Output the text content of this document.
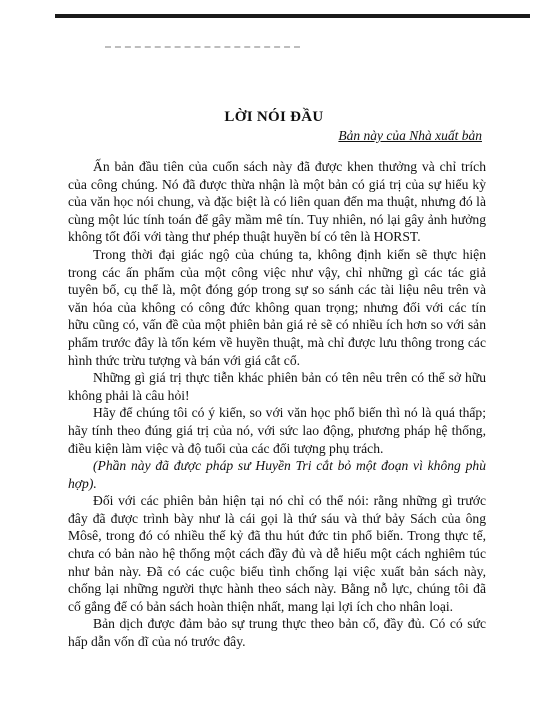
LỜI NÓI ĐẦU
Bản này của Nhà xuất bản

Ấn bản đầu tiên của cuốn sách này đã được khen thưởng và chỉ trích của công chúng. Nó đã được thừa nhận là một bản có giá trị của sự hiếu kỳ của văn học nói chung, và đặc biệt là có liên quan đến ma thuật, nhưng đó là cùng một lúc tính toán để gây mầm mê tín. Tuy nhiên, nó lại gây ảnh hưởng không tốt đối với tàng thư phép thuật huyền bí có tên là HORST.

Trong thời đại giác ngộ của chúng ta, không định kiến sẽ thực hiện trong các ấn phẩm của một công việc như vậy, chỉ những gì các tác giả tuyên bố, cụ thể là, một đóng góp trong sự so sánh các tài liệu nêu trên và văn hóa của không có công đức không quan trọng; nhưng đối với các tín hữu cũng có, vấn đề của một phiên bản giá rẻ sẽ có nhiều ích hơn so với sản phẩm trước đây là tốn kém về huyền thuật, mà chỉ được lưu thông trong các hình thức trừu tượng và bán với giá cắt cổ.

Những gì giá trị thực tiễn khác phiên bản có tên nêu trên có thể sở hữu không phải là câu hỏi!

Hãy để chúng tôi có ý kiến, so với văn học phổ biến thì nó là quá thấp; hãy tính theo đúng giá trị của nó, với sức lao động, phương pháp hệ thống, điều kiện làm việc và độ tuổi của các đối tượng phụ trách.

(Phần này đã được pháp sư Huyền Tri cắt bỏ một đoạn vì không phù hợp).

Đối với các phiên bản hiện tại nó chỉ có thể nói: rằng những gì trước đây đã được trình bày như là cái gọi là thứ sáu và thứ bảy Sách của ông Môsê, trong đó có nhiều thế kỷ đã thu hút đức tin phổ biến. Trong thực tế, chưa có bản nào hệ thống một cách đầy đủ và dễ hiểu một cách nghiêm túc như bản này. Đã có các cuộc biểu tình chống lại việc xuất bản sách này, chống lại những người thực hành theo sách này. Bằng nỗ lực, chúng tôi đã cố gắng để có bản sách hoàn thiện nhất, mang lại lợi ích cho nhân loại.

Bản dịch được đảm bảo sự trung thực theo bản cổ, đầy đủ. Có có sức hấp dẫn vốn dĩ của nó trước đây.
